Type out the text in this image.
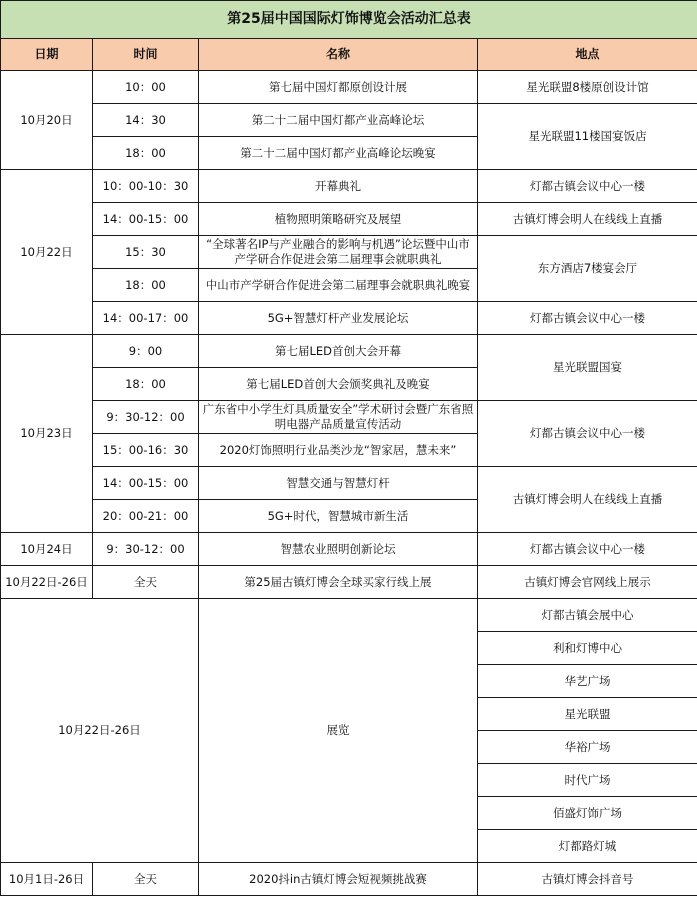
第25届中国国际灯饰博览会活动汇总表			
日期	时间	名称	地点
10月20日	10：00	第七届中国灯都原创设计展	星光联盟8楼原创设计馆
	14：30	第二十二届中国灯都产业高峰论坛	星光联盟11楼国宴饭店
	18：00	第二十二届中国灯都产业高峰论坛晚宴	
10月22日	10：00-10：30	开幕典礼	灯都古镇会议中心一楼
	14：00-15：00	植物照明策略研究及展望	古镇灯博会明人在线线上直播
	15：30	“全球著名IP与产业融合的影响与机遇”论坛暨中山市产学研合作促进会第二届理事会就职典礼	东方酒店7楼宴会厅
	18：00	中山市产学研合作促进会第二届理事会就职典礼晚宴	
	14：00-17：00	5G+智慧灯杆产业发展论坛	灯都古镇会议中心一楼
10月23日	9：00	第七届LED首创大会开幕	星光联盟国宴
	18：00	第七届LED首创大会颁奖典礼及晚宴	
	9：30-12：00	广东省中小学生灯具质量安全”学术研讨会暨广东省照明电器产品质量宣传活动	灯都古镇会议中心一楼
	15：00-16：30	2020灯饰照明行业品类沙龙“智家居，慧未来”	
	14：00-15：00	智慧交通与智慧灯杆	古镇灯博会明人在线线上直播
	20：00-21：00	5G+时代，智慧城市新生活	
10月24日	9：30-12：00	智慧农业照明创新论坛	灯都古镇会议中心一楼
10月22日-26日	全天	第25届古镇灯博会全球买家行线上展	古镇灯博会官网线上展示
10月22日-26日		展览	灯都古镇会展中心
			利和灯博中心
			华艺广场
			星光联盟
			华裕广场
			时代广场
			佰盛灯饰广场
			灯都路灯城
10月1日-26日	全天	2020抖in古镇灯博会短视频挑战赛	古镇灯博会抖音号
